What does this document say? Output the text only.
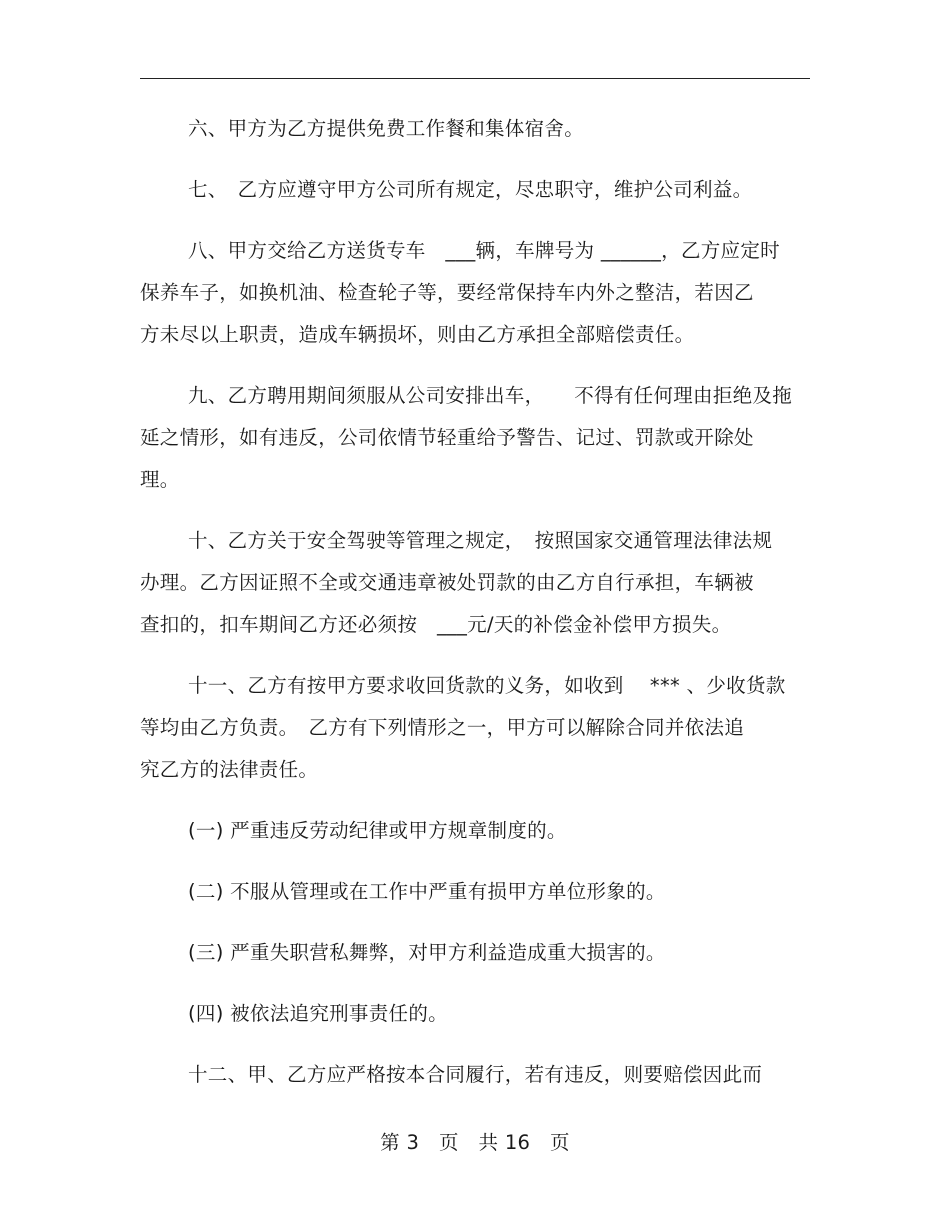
六、甲方为乙方提供免费工作餐和集体宿舍。

七、　乙方应遵守甲方公司所有规定，尽忠职守，维护公司利益。

八、甲方交给乙方送货专车　___辆，车牌号为 ______，乙方应定时
保养车子，如换机油、检查轮子等，要经常保持车内外之整洁，若因乙
方未尽以上职责，造成车辆损坏，则由乙方承担全部赔偿责任。

九、乙方聘用期间须服从公司安排出车，　　不得有任何理由拒绝及拖
延之情形，如有违反，公司依情节轻重给予警告、记过、罚款或开除处
理。

十、乙方关于安全驾驶等管理之规定，　按照国家交通管理法律法规
办理。乙方因证照不全或交通违章被处罚款的由乙方自行承担，车辆被
查扣的，扣车期间乙方还必须按　___元/天的补偿金补偿甲方损失。

十一、乙方有按甲方要求收回货款的义务，如收到　 *** 、少收货款
等均由乙方负责。　乙方有下列情形之一，甲方可以解除合同并依法追
究乙方的法律责任。

(一) 严重违反劳动纪律或甲方规章制度的。

(二) 不服从管理或在工作中严重有损甲方单位形象的。

(三) 严重失职营私舞弊，对甲方利益造成重大损害的。

(四) 被依法追究刑事责任的。

十二、甲、乙方应严格按本合同履行，若有违反，则要赔偿因此而

第 3　页　共 16　页
